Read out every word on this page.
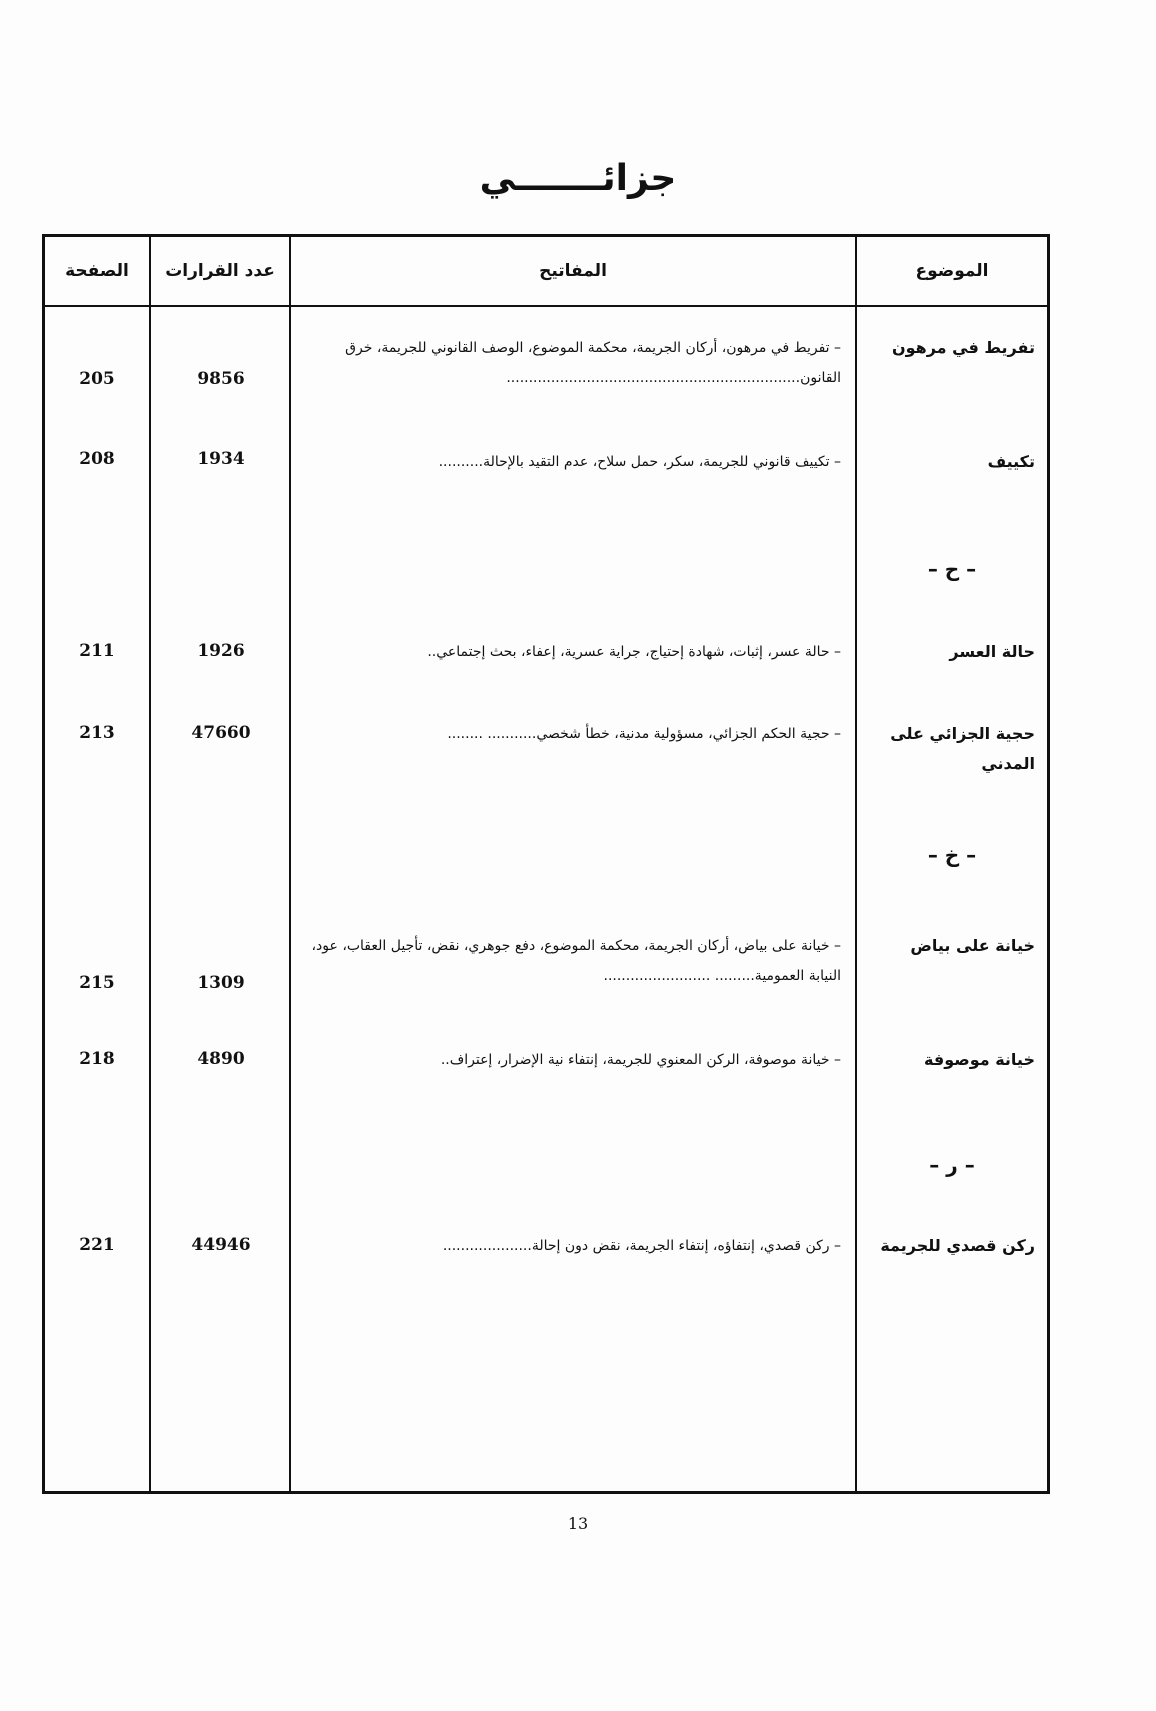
جزائـــــــي
الموضوع
المفاتيح
عدد القرارات
الصفحة
تفريط في مرهون
– تفريط في مرهون، أركان الجريمة، محكمة الموضوع، الوصف القانوني للجريمة، خرق القانون..................................................................
9856
205
تكييف
– تكييف قانوني للجريمة، سكر، حمل سلاح، عدم التقيد بالإحالة..........
1934
208
– ح –
حالة العسر
– حالة عسر، إثبات، شهادة إحتياج، جراية عسرية، إعفاء، بحث إجتماعي..
1926
211
حجية الجزائي على المدني
– حجية الحكم الجزائي، مسؤولية مدنية، خطأ شخصي........... ........
47660
213
– خ –
خيانة على بياض
– خيانة على بياض، أركان الجريمة، محكمة الموضوع، دفع جوهري، نقض، تأجيل العقاب، عود، النيابة العمومية......... ........................
1309
215
خيانة موصوفة
– خيانة موصوفة، الركن المعنوي للجريمة، إنتفاء نية الإضرار، إعتراف..
4890
218
– ر –
ركن قصدي للجريمة
– ركن قصدي، إنتفاؤه، إنتفاء الجريمة، نقض دون إحالة....................
44946
221
13
